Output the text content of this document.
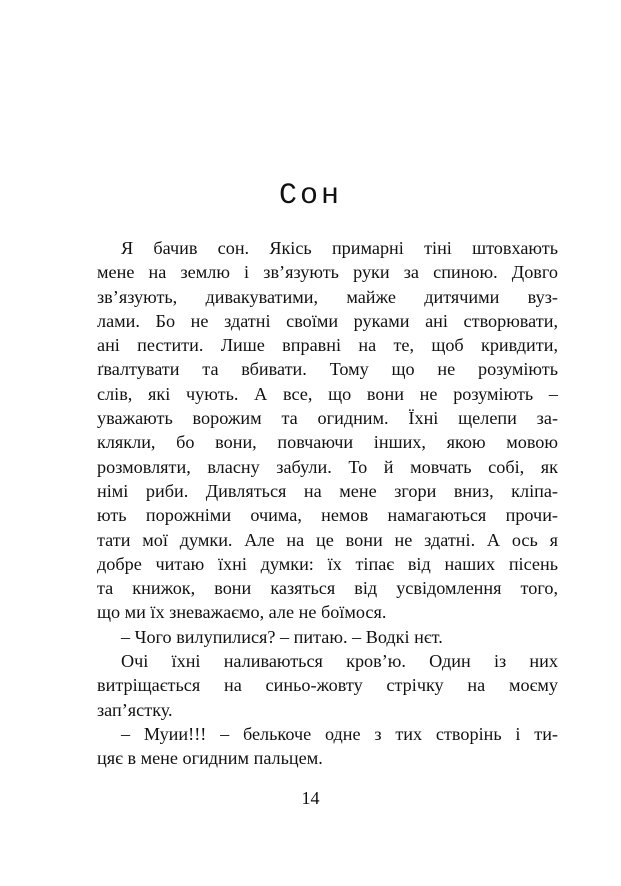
Сон
Я бачив сон. Якісь примарні тіні штовхають
мене на землю і зв’язують руки за спиною. Довго
зв’язують, дивакуватими, майже дитячими вуз-
лами. Бо не здатні своїми руками ані створювати,
ані пестити. Лише вправні на те, щоб кривдити,
ґвалтувати та вбивати. Тому що не розуміють
слів, які чують. А все, що вони не розуміють –
уважають ворожим та огидним. Їхні щелепи за-
клякли, бо вони, повчаючи інших, якою мовою
розмовляти, власну забули. То й мовчать собі, як
німі риби. Дивляться на мене згори вниз, кліпа-
ють порожніми очима, немов намагаються прочи-
тати мої думки. Але на це вони не здатні. А ось я
добре читаю їхні думки: їх тіпає від наших пісень
та книжок, вони казяться від усвідомлення того,
що ми їх зневажаємо, але не боїмося.
– Чого вилупилися? – питаю. – Водкі нєт.
Очі їхні наливаються кров’ю. Один із них
витріщається на синьо-жовту стрічку на моєму
зап’ястку.
– Муии!!! – белькоче одне з тих створінь і ти-
цяє в мене огидним пальцем.
14
